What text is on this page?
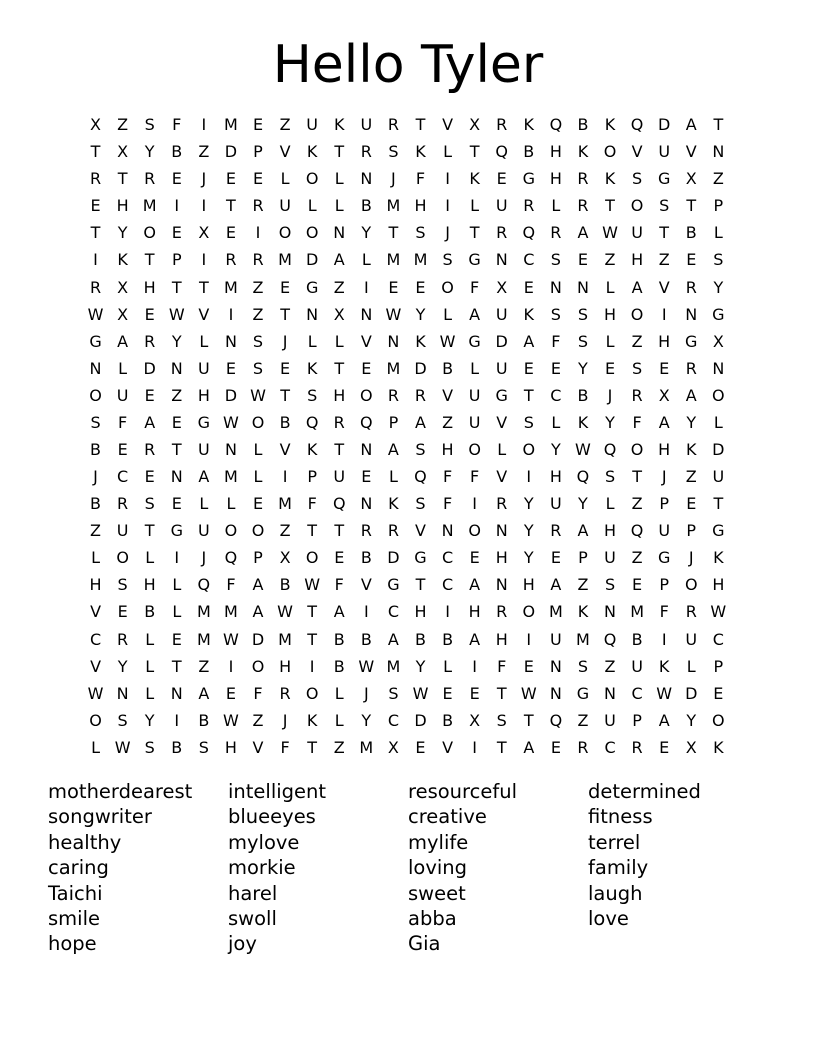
Hello Tyler
X	Z	S	F	I	M E	Z U K U R	T	V	X	R	K Q B	K Q D A	T
T	X	Y	B	Z D	P	V	K	T	R	S	K	L	T Q B H K O V U V N
R	T	R	E	J	E	E	L	O	L	N	J	F	I	K	E G H R	K	S G X	Z
E	H M	I	I	T	R U	L	L	B M H	I	L	U R	L	R	T O S	T	P
T	Y O E	X	E	I	O O N	Y	T	S	J	T	R Q R	A W U	T	B	L
I	K	T	P	I	R R M D A	L M M S G N C	S	E	Z H Z	E	S
R	X H	T	T M Z	E G Z	I	E	E O	F	X	E	N N	L	A	V	R	Y
W X	E W V	I	Z	T	N X N W Y	L	A U K	S	S H O	I	N G
G A	R	Y	L	N	S	J	L	L	V N K W G D A	F	S	L	Z H G X
N	L	D N U	E	S	E	K	T	E M D B	L	U	E	E	Y	E	S	E	R N
O U	E	Z H D W T	S H O R R	V U G T	C	B	J	R	X	A O
S	F	A	E G W O B Q R Q P	A	Z U V	S	L	K	Y	F	A	Y	L
B	E	R	T	U N	L	V	K	T	N A	S H O	L	O Y W Q O H K D
J	C	E	N A M L	I	P	U	E	L	Q	F	F	V	I	H Q S	T	J	Z U
B	R	S	E	L	L	E M F	Q N K	S	F	I	R	Y	U	Y	L	Z	P	E	T
Z U	T G U O O Z	T	T	R R	V N O N	Y	R	A H Q U	P	G
L	O	L	I	J	Q P	X O E	B D G C	E	H	Y	E	P	U Z G	J	K
H S H	L	Q	F	A	B W F	V G T	C	A N H A	Z	S	E	P O H
V	E	B	L M M A W T	A	I	C H	I	H R O M K N M F	R W
C R	L	E M W D M T	B	B	A	B	B	A H	I	U M Q B	I	U C
V	Y	L	T	Z	I	O H	I	B W M Y	L	I	F	E	N	S	Z U K	L	P
W N	L	N A	E	F	R O	L	J	S W E	E	T W N G N C W D E
O S	Y	I	B W Z	J	K	L	Y	C D B	X	S	T Q Z U	P	A	Y O
L W S	B	S H V	F	T	Z M X	E	V	I	T	A	E	R C R	E	X	K
motherdearest	intelligent	resourceful	determined
songwriter	blueeyes	creative	fitness
healthy	mylove	mylife	terrel
caring	morkie	loving	family
Taichi	harel	sweet	laugh
smile	swoll	abba	love
hope	joy	Gia
